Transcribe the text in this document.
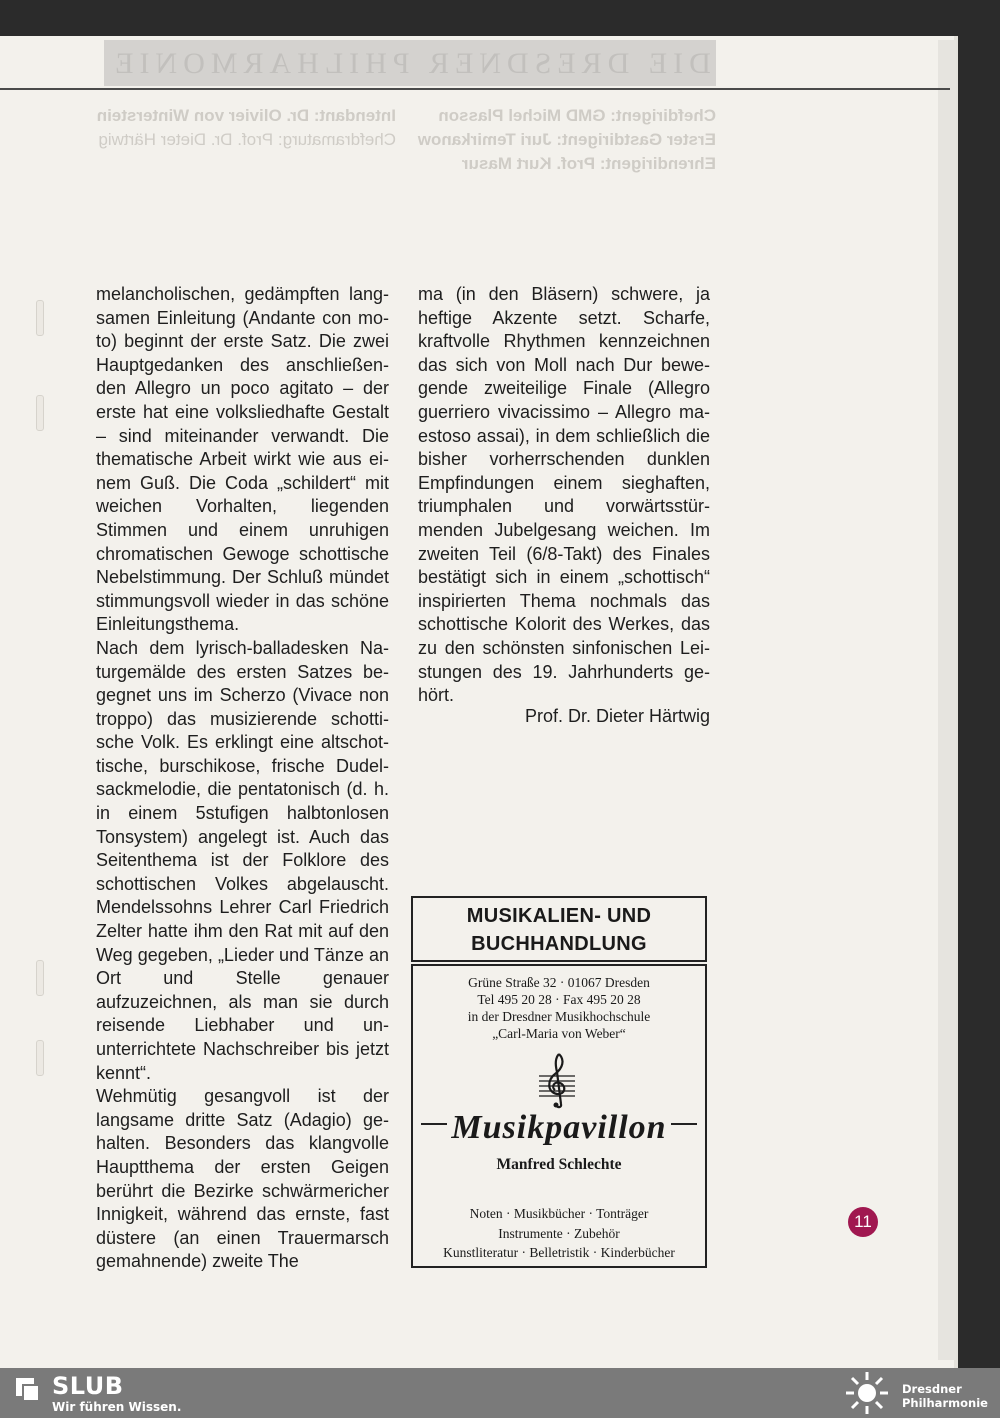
DIE DRESDNER PHILHARMONIE
Chefdirigent: GMD Michel Plasson
Erster Gastdirigent: Juri Temirkanow
Ehrendirigent: Prof. Kurt Masur
Intendant: Dr. Olivier von Winterstein
Chefdramaturg: Prof. Dr. Dieter Härtwig

melancholischen, gedämpften langsamen Einleitung (Andante con moto) beginnt der erste Satz. Die zwei Hauptgedanken des anschließenden Allegro un poco agitato – der erste hat eine volksliedhafte Gestalt – sind miteinander verwandt. Die thematische Arbeit wirkt wie aus einem Guß. Die Coda „schildert“ mit weichen Vorhalten, liegenden Stimmen und einem unruhigen chromatischen Gewoge schottische Nebelstimmung. Der Schluß mündet stimmungsvoll wieder in das schöne Einleitungsthema.

Nach dem lyrisch-balladesken Naturgemälde des ersten Satzes begegnet uns im Scherzo (Vivace non troppo) das musizierende schottische Volk. Es erklingt eine altschottische, burschikose, frische Dudelsackmelodie, die pentatonisch (d. h. in einem 5stufigen halbtonlosen Tonsystem) angelegt ist. Auch das Seitenthema ist der Folklore des schottischen Volkes abgelauscht. Mendelssohns Lehrer Carl Friedrich Zelter hatte ihm den Rat mit auf den Weg gegeben, „Lieder und Tänze an Ort und Stelle genauer aufzuzeichnen, als man sie durch reisende Liebhaber und ununterrichtete Nachschreiber bis jetzt kennt“.

Wehmütig gesangvoll ist der langsame dritte Satz (Adagio) gehalten. Besonders das klangvolle Hauptthema der ersten Geigen berührt die Bezirke schwärmericher Innigkeit, während das ernste, fast düstere (an einen Trauermarsch gemahnende) zweite The

ma (in den Bläsern) schwere, ja heftige Akzente setzt. Scharfe, kraftvolle Rhythmen kennzeichnen das sich von Moll nach Dur bewegende zweiteilige Finale (Allegro guerriero vivacissimo – Allegro maestoso assai), in dem schließlich die bisher vorherrschenden dunklen Empfindungen einem sieghaften, triumphalen und vorwärtsstürmenden Jubelgesang weichen. Im zweiten Teil (6/8-Takt) des Finales bestätigt sich in einem „schottisch“ inspirierten Thema nochmals das schottische Kolorit des Werkes, das zu den schönsten sinfonischen Leistungen des 19. Jahrhunderts gehört.

Prof. Dr. Dieter Härtwig
MUSIKALIEN- UND
BUCHHANDLUNG
Grüne Straße 32 · 01067 Dresden
Tel 495 20 28 · Fax 495 20 28
in der Dresdner Musikhochschule
„Carl-Maria von Weber“
Musikpavillon
Manfred Schlechte
Noten · Musikbücher · Tonträger
Instrumente · Zubehör
Kunstliteratur · Belletristik · Kinderbücher
11
SLUB
Wir führen Wissen.
Dresdner
Philharmonie
